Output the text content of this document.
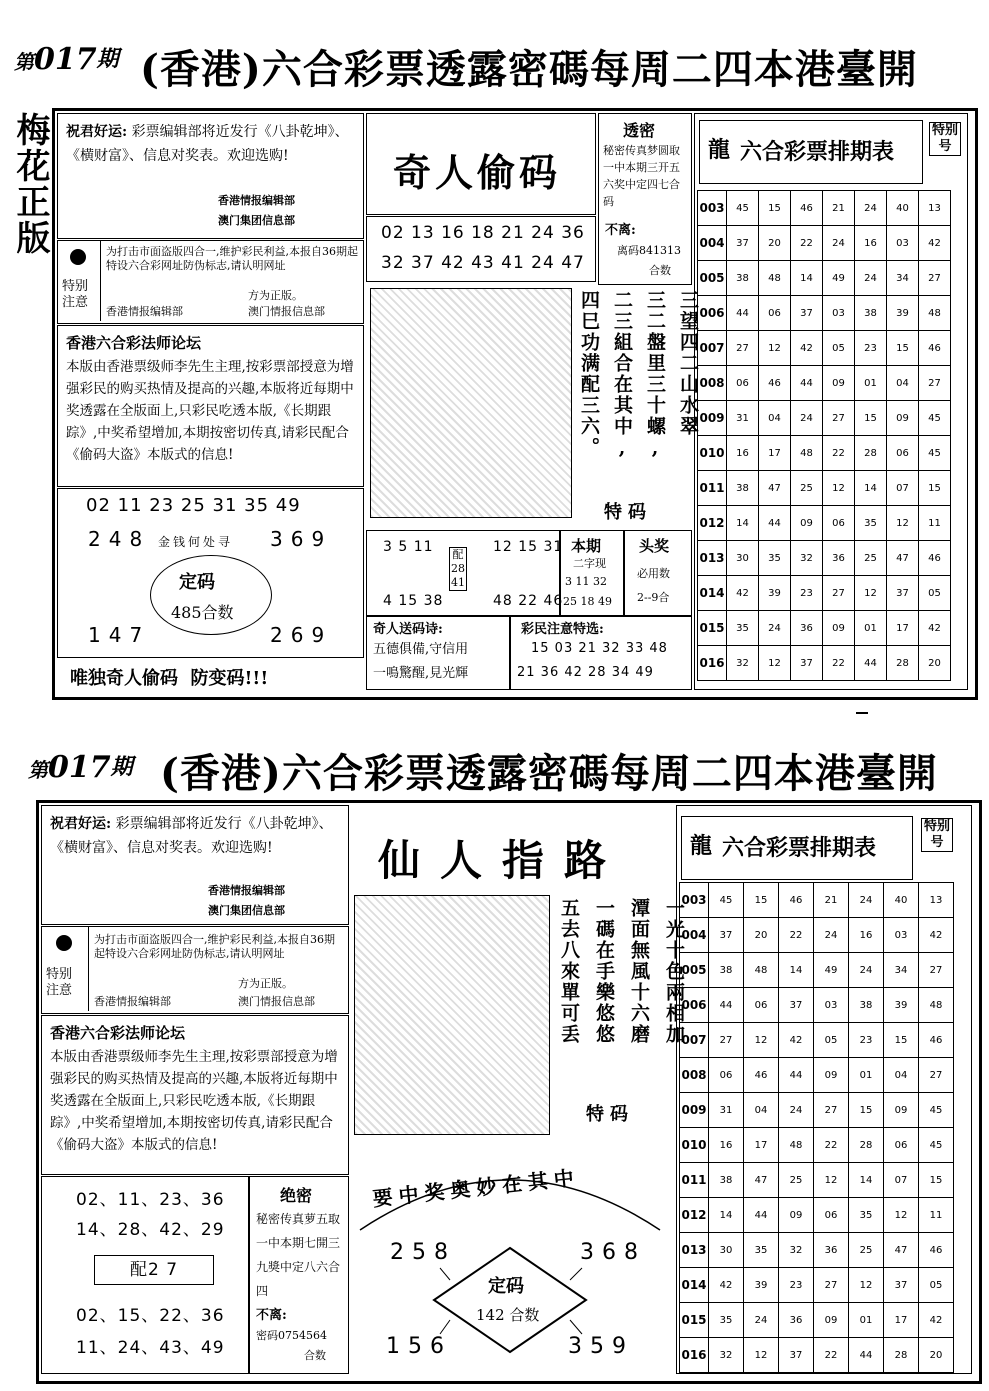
第$017^期$ (香港)六合彩票透露密碼每周二四本港臺開
梅花正版	祝君好运: 彩票编辑部将近发行《八卦乾坤》、《横财富》、信息对奖表。欢迎选购!
香港情报编辑部
澳门集团信息部
特别注意
为打击市面盗版四合一,维护彩民利益,本报自36期起特设六合彩网址防伪标志,请认明网址
方为正版。
香港情报编辑部	澳门情报信息部
香港六合彩法师论坛
本版由香港票级师李先生主理,按彩票部授意为增强彩民的购买热情及提高的兴趣,本版将近每期中奖透露在全版面上,只彩民吃透本版,《长期跟踪》,中奖希望增加,本期按密切传真,请彩民配合《偷码大盗》本版式的信息!
02 11 23 25 31 35 49
248	369
金钱何处寻
定码
485合数
147	269
唯独奇人偷码  防变码!!!
奇人偷码
02 13 16 18 21 24 36
32 37 42 43 41 24 47
透密
秘密传真梦圆取一中本期三开五六奖中定四七合码
不离:
离码841313
合数
三望四二山水翠
三二盤里三十螺,
二三組合在其中,
四巳功满配三六。
特码
3 5 11
4 15 38
配 28 41
12 15 31
48 22 46
本期
二字现
3 11 32
25 18 49
头奖
必用数
2--9合
奇人送码诗:
五德俱備,守信用
一鳴驚醒,見光輝
彩民注意特选:
15 03 21 32 33 48
21 36 42 28 34 49
龍 六合彩票排期表
特别号
003	45	15	46	21	24	40	13
004	37	20	22	24	16	03	42
005	38	48	14	49	24	34	27
006	44	06	37	03	38	39	48
007	27	12	42	05	23	15	46
008	06	46	44	09	01	04	27
009	31	04	24	27	15	09	45
010	16	17	48	22	28	06	45
011	38	47	25	12	14	07	15
012	14	44	09	06	35	12	11
013	30	35	32	36	25	47	46
014	42	39	23	27	12	37	05
015	35	24	36	09	01	17	42
016	32	12	37	22	44	28	20
第$017^期$ (香港)六合彩票透露密碼每周二四本港臺開
祝君好运: 彩票编辑部将近发行《八卦乾坤》、《横财富》、信息对奖表。欢迎选购!
香港情报编辑部
澳门集团信息部
特别注意
为打击市面盗版四合一,维护彩民利益,本报自36期起特设六合彩网址防伪标志,请认明网址
方为正版。
香港情报编辑部	澳门情报信息部
香港六合彩法师论坛
本版由香港票级师李先生主理,按彩票部授意为增强彩民的购买热情及提高的兴趣,本版将近每期中奖透露在全版面上,只彩民吃透本版,《长期跟踪》,中奖希望增加,本期按密切传真,请彩民配合《偷码大盗》本版式的信息!
02、11、23、36
14、28、42、29
配2 7
02、15、22、36
11、24、43、49
绝密
秘密传真萝五取一中本期七開三九獎中定八六合四
不离:
密码0754564
合数
仙人指路
一光十色兩相加
潭面無風十六磨
一碼在手樂悠悠
五去八來單可丢
特码
要中奖奥妙在其中
258	368
定码
142 合数
156	359
龍 六合彩票排期表
特别号
003	45	15	46	21	24	40	13
004	37	20	22	24	16	03	42
005	38	48	14	49	24	34	27
006	44	06	37	03	38	39	48
007	27	12	42	05	23	15	46
008	06	46	44	09	01	04	27
009	31	04	24	27	15	09	45
010	16	17	48	22	28	06	45
011	38	47	25	12	14	07	15
012	14	44	09	06	35	12	11
013	30	35	32	36	25	47	46
014	42	39	23	27	12	37	05
015	35	24	36	09	01	17	42
016	32	12	37	22	44	28	20
